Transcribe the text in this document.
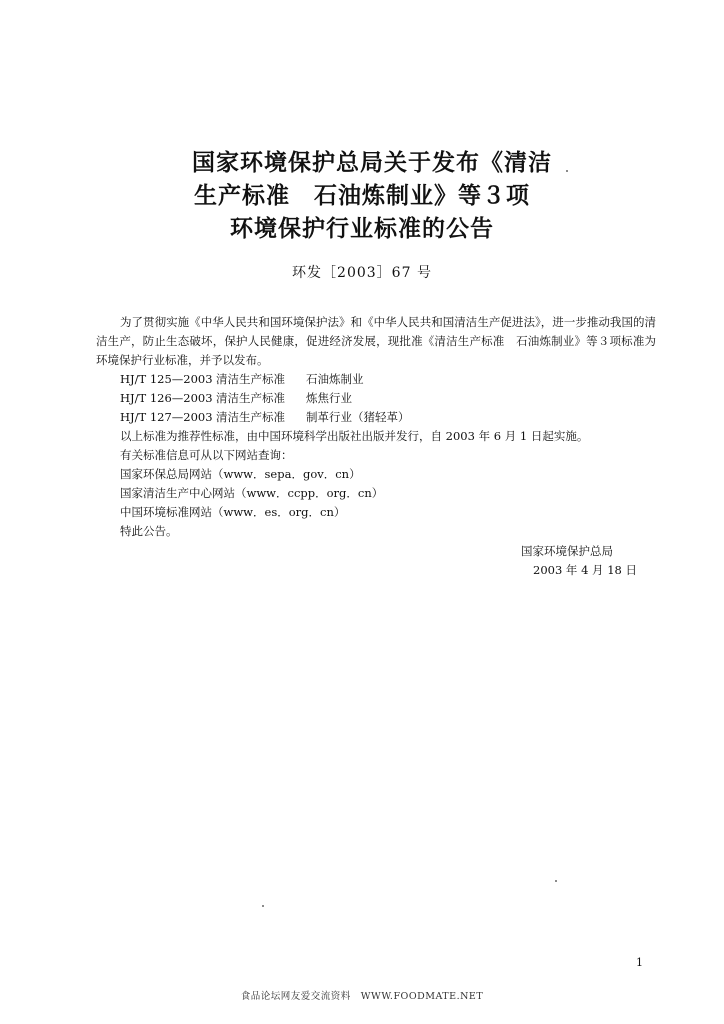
国家环境保护总局关于发布《清洁
生产标准　石油炼制业》等３项
环境保护行业标准的公告
环发［2003］67 号
为了贯彻实施《中华人民共和国环境保护法》和《中华人民共和国清洁生产促进法》，进一步推动我国的清洁生产，防止生态破坏，保护人民健康，促进经济发展，现批准《清洁生产标准　石油炼制业》等３项标准为环境保护行业标准，并予以发布。
HJ/T 125—2003 清洁生产标准 石油炼制业
HJ/T 126—2003 清洁生产标准 炼焦行业
HJ/T 127—2003 清洁生产标准 制革行业（猪轻革）
以上标准为推荐性标准，由中国环境科学出版社出版并发行，自 2003 年 6 月 1 日起实施。
有关标准信息可从以下网站查询：
国家环保总局网站（www．sepa．gov．cn）
国家清洁生产中心网站（www．ccpp．org．cn）
中国环境标准网站（www．es．org．cn）
特此公告。
国家环境保护总局
2003 年 4 月 18 日
1
食品论坛网友爱交流资料　WWW.FOODMATE.NET
